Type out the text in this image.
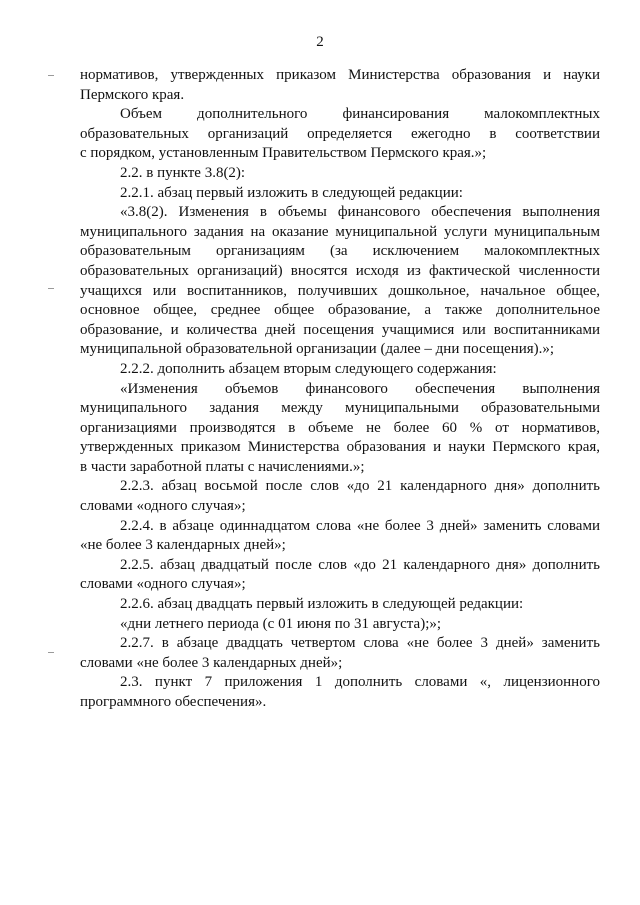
2
нормативов, утвержденных приказом Министерства образования и науки
Пермского края.
Объем дополнительного финансирования малокомплектных
образовательных организаций определяется ежегодно в соответствии
с порядком, установленным Правительством Пермского края.»;
2.2. в пункте 3.8(2):
2.2.1. абзац первый изложить в следующей редакции:
«3.8(2). Изменения в объемы финансового обеспечения выполнения
муниципального задания на оказание муниципальной услуги муниципальным
образовательным организациям (за исключением малокомплектных
образовательных организаций) вносятся исходя из фактической численности
учащихся или воспитанников, получивших дошкольное, начальное общее,
основное общее, среднее общее образование, а также дополнительное
образование, и количества дней посещения учащимися или воспитанниками
муниципальной образовательной организации (далее – дни посещения).»;
2.2.2. дополнить абзацем вторым следующего содержания:
«Изменения объемов финансового обеспечения выполнения
муниципального задания между муниципальными образовательными
организациями производятся в объеме не более 60 % от нормативов,
утвержденных приказом Министерства образования и науки Пермского края,
в части заработной платы с начислениями.»;
2.2.3. абзац восьмой после слов «до 21 календарного дня» дополнить
словами «одного случая»;
2.2.4. в абзаце одиннадцатом слова «не более 3 дней» заменить словами
«не более 3 календарных дней»;
2.2.5. абзац двадцатый после слов «до 21 календарного дня» дополнить
словами «одного случая»;
2.2.6. абзац двадцать первый изложить в следующей редакции:
«дни летнего периода (с 01 июня по 31 августа);»;
2.2.7. в абзаце двадцать четвертом слова «не более 3 дней» заменить
словами «не более 3 календарных дней»;
2.3. пункт 7 приложения 1 дополнить словами «, лицензионного
программного обеспечения».
